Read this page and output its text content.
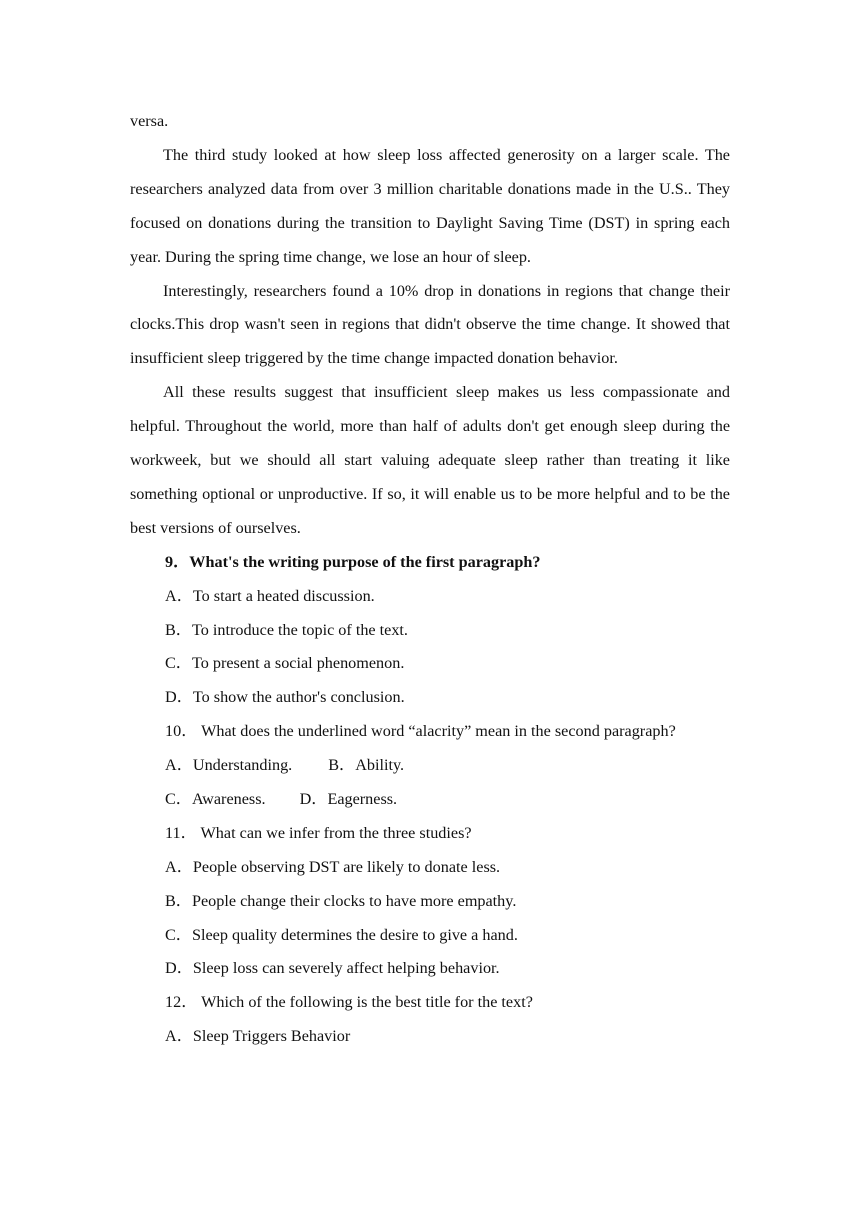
versa.

The third study looked at how sleep loss affected generosity on a larger scale. The researchers analyzed data from over 3 million charitable donations made in the U.S.. They focused on donations during the transition to Daylight Saving Time (DST) in spring each year. During the spring time change, we lose an hour of sleep.

Interestingly, researchers found a 10% drop in donations in regions that change their clocks.This drop wasn't seen in regions that didn't observe the time change. It showed that insufficient sleep triggered by the time change impacted donation behavior.

All these results suggest that insufficient sleep makes us less compassionate and helpful. Throughout the world, more than half of adults don't get enough sleep during the workweek, but we should all start valuing adequate sleep rather than treating it like something optional or unproductive. If so, it will enable us to be more helpful and to be the best versions of ourselves.

9．What's the writing purpose of the first paragraph?
A．To start a heated discussion.
B．To introduce the topic of the text.
C．To present a social phenomenon.
D．To show the author's conclusion.
10． What does the underlined word “alacrity” mean in the second paragraph?
A．Understanding. B．Ability.
C．Awareness. D．Eagerness.
11． What can we infer from the three studies?
A．People observing DST are likely to donate less.
B．People change their clocks to have more empathy.
C．Sleep quality determines the desire to give a hand.
D．Sleep loss can severely affect helping behavior.
12． Which of the following is the best title for the text?
A．Sleep Triggers Behavior
